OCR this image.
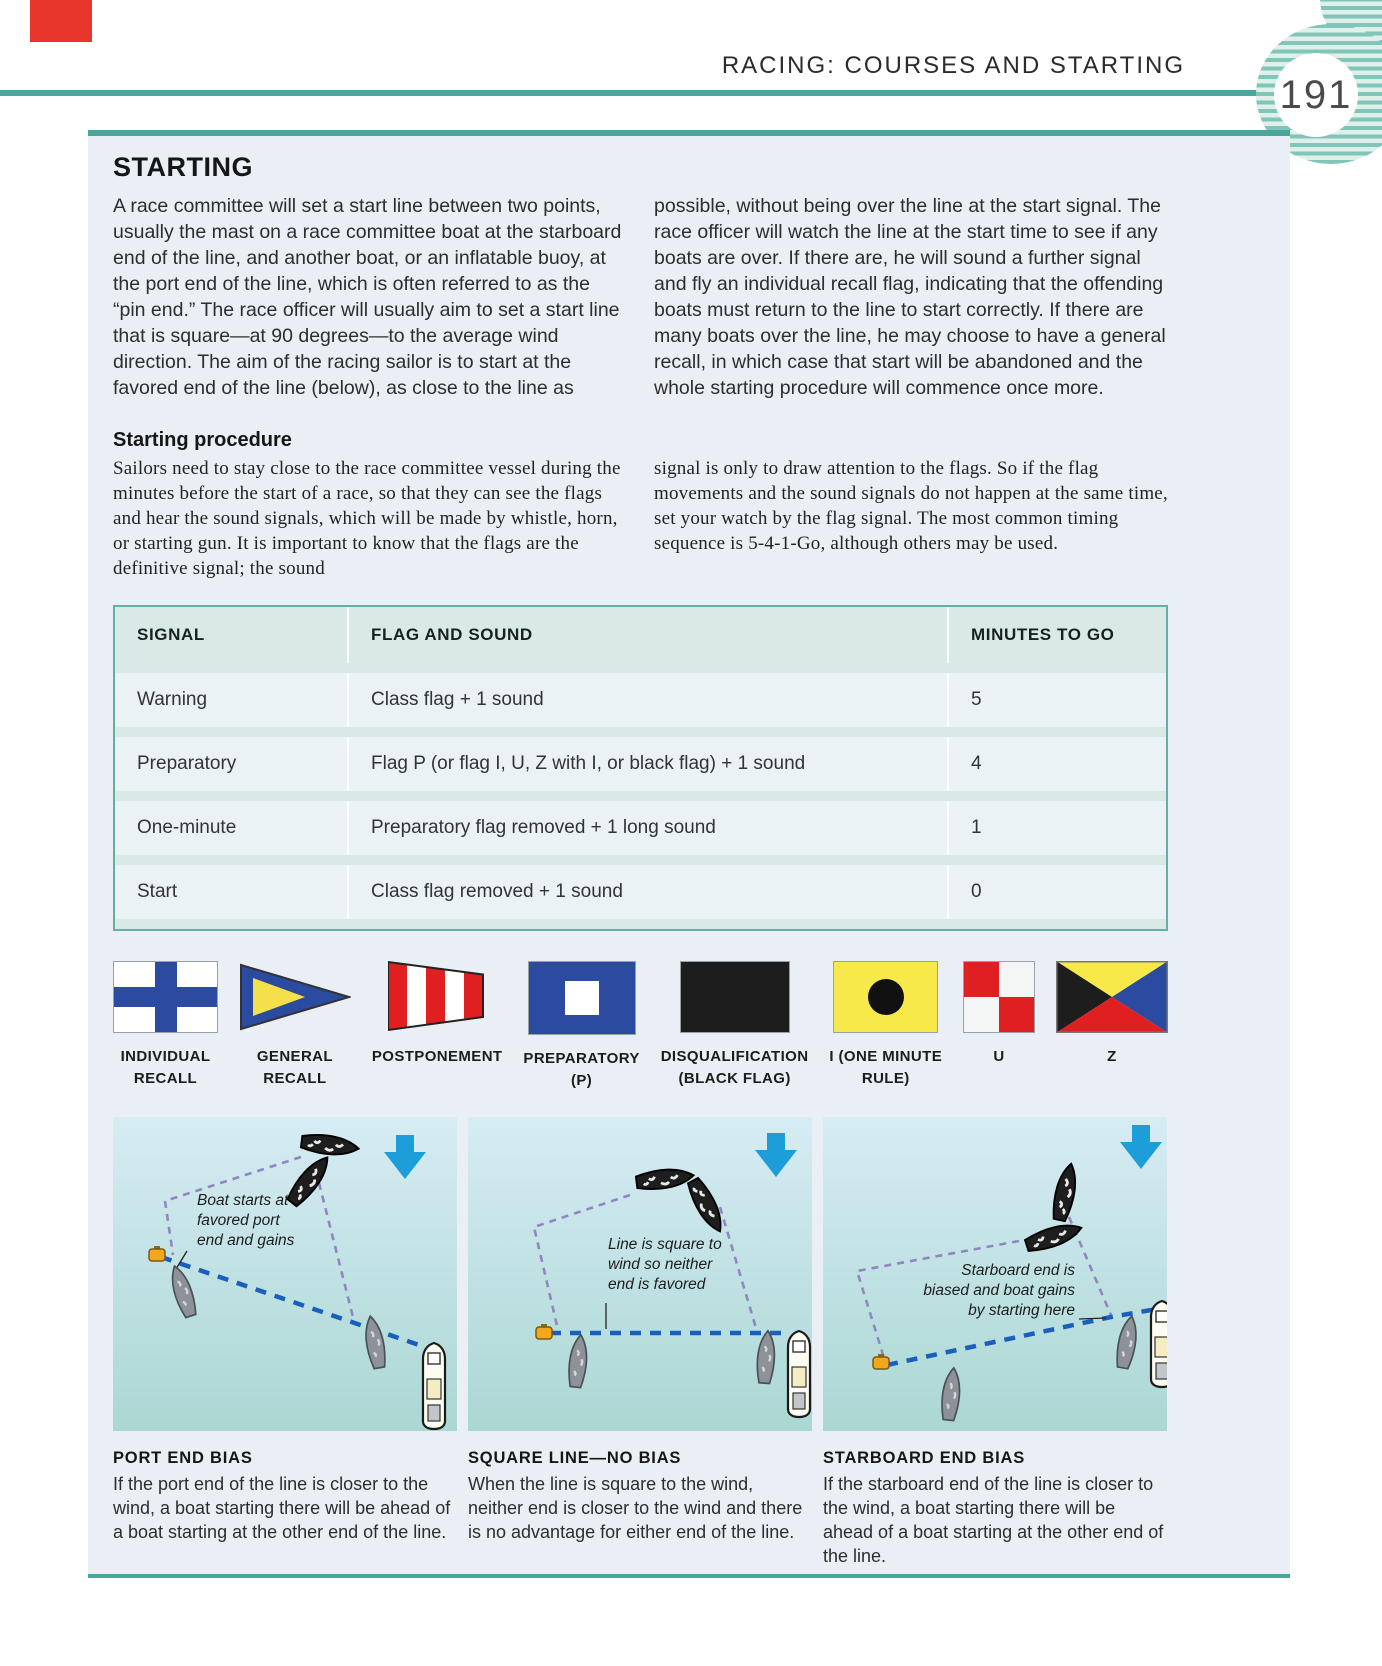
RACING: COURSES AND STARTING
191
STARTING
A race committee will set a start line between two points, usually the mast on a race committee boat at the starboard end of the line, and another boat, or an inflatable buoy, at the port end of the line, which is often referred to as the “pin end.” The race officer will usually aim to set a start line that is square—at 90 degrees—to the average wind direction. The aim of the racing sailor is to start at the favored end of the line (below), as close to the line as
possible, without being over the line at the start signal. The race officer will watch the line at the start time to see if any boats are over. If there are, he will sound a further signal and fly an individual recall flag, indicating that the offending boats must return to the line to start correctly. If there are many boats over the line, he may choose to have a general recall, in which case that start will be abandoned and the whole starting procedure will commence once more.
Starting procedure
Sailors need to stay close to the race committee vessel during the minutes before the start of a race, so that they can see the flags and hear the sound signals, which will be made by whistle, horn, or starting gun. It is important to know that the flags are the definitive signal; the sound
signal is only to draw attention to the flags. So if the flag movements and the sound signals do not happen at the same time, set your watch by the flag signal. The most common timing sequence is 5-4-1-Go, although others may be used.
SIGNAL	FLAG AND SOUND	MINUTES TO GO
Warning	Class flag + 1 sound	5
Preparatory	Flag P (or flag I, U, Z with I, or black flag) + 1 sound	4
One-minute	Preparatory flag removed + 1 long sound	1
Start	Class flag removed + 1 sound	0
INDIVIDUAL
RECALL
GENERAL
RECALL
POSTPONEMENT PREPARATORY
(P)
DISQUALIFICATION
(BLACK FLAG)
I (ONE MINUTE
RULE)
U	Z
Boat starts at
favored port
end and gains	Line is square to
wind so neither
end is favored
Starboard end is
biased and boat gains
by starting here
PORT END BIAS
If the port end of the line is closer to the wind, a boat starting there will be ahead of a boat starting at the other end of the line.
SQUARE LINE—NO BIAS
When the line is square to the wind, neither end is closer to the wind and there is no advantage for either end of the line.
STARBOARD END BIAS
If the starboard end of the line is closer to the wind, a boat starting there will be ahead of a boat starting at the other end of the line.
